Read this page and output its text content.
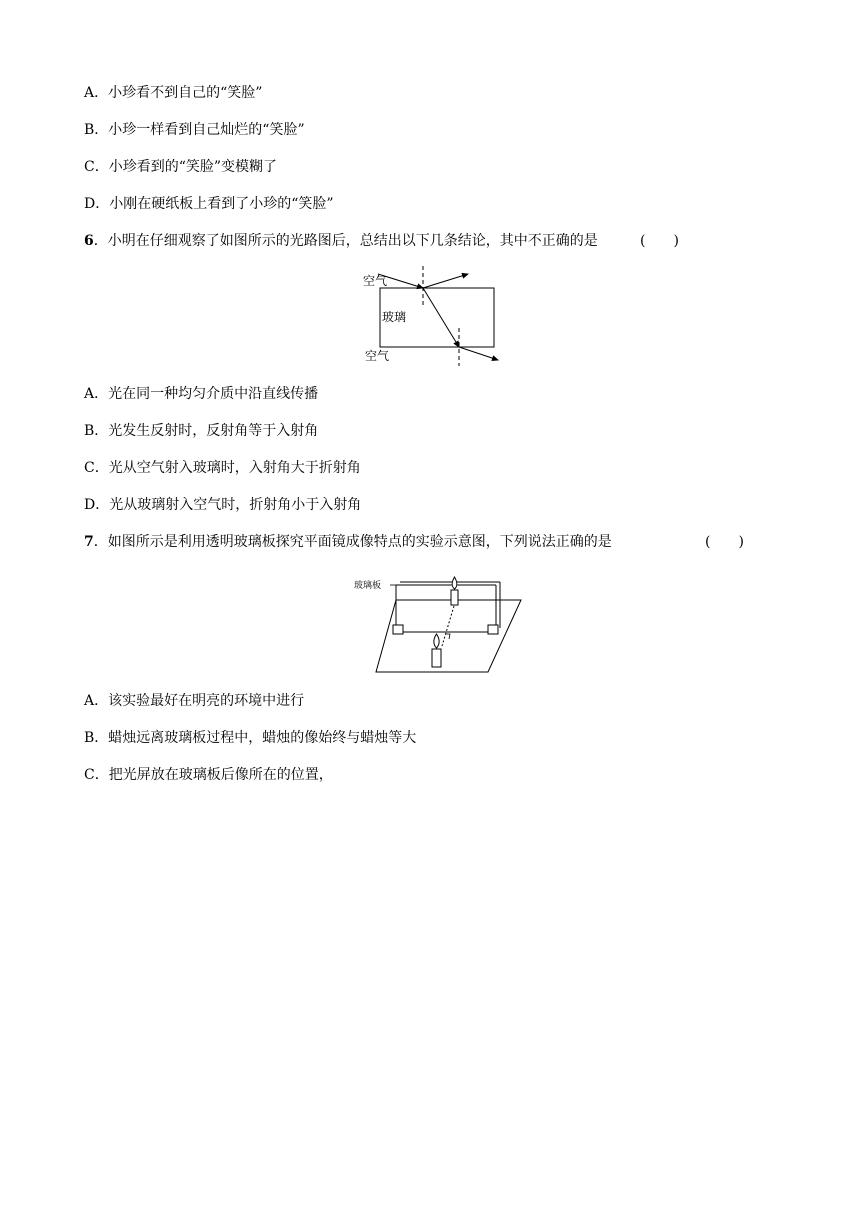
A．小珍看不到自己的“笑脸”
B．小珍一样看到自己灿烂的“笑脸”
C．小珍看到的“笑脸”变模糊了
D．小刚在硬纸板上看到了小珍的“笑脸”
6．小明在仔细观察了如图所示的光路图后，总结出以下几条结论，其中不正确的是	(　　)
空气
玻璃
空气
A．光在同一种均匀介质中沿直线传播
B．光发生反射时，反射角等于入射角
C．光从空气射入玻璃时，入射角大于折射角
D．光从玻璃射入空气时，折射角小于入射角
7．如图所示是利用透明玻璃板探究平面镜成像特点的实验示意图，下列说法正确的是	(　　)
玻璃板
A．该实验最好在明亮的环境中进行
B．蜡烛远离玻璃板过程中，蜡烛的像始终与蜡烛等大
C．把光屏放在玻璃板后像所在的位置，
